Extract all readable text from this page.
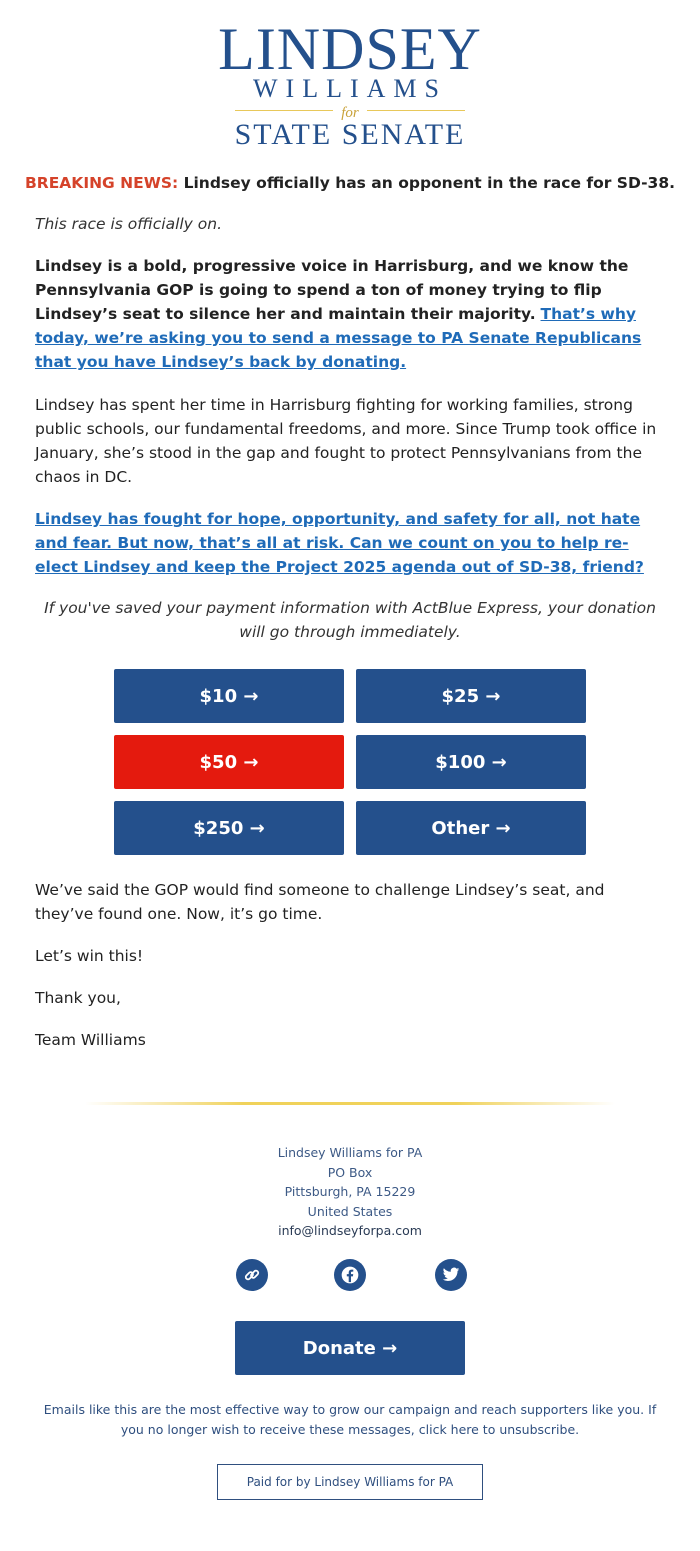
LINDSEY
WILLIAMS
for
STATE SENATE
BREAKING NEWS: Lindsey officially has an opponent in the race for SD-38.
This race is officially on.
Lindsey is a bold, progressive voice in Harrisburg, and we know the Pennsylvania GOP is going to spend a ton of money trying to flip Lindsey’s seat to silence her and maintain their majority. That’s why today, we’re asking you to send a message to PA Senate Republicans that you have Lindsey’s back by donating.
Lindsey has spent her time in Harrisburg fighting for working families, strong public schools, our fundamental freedoms, and more. Since Trump took office in January, she’s stood in the gap and fought to protect Pennsylvanians from the chaos in DC.
Lindsey has fought for hope, opportunity, and safety for all, not hate and fear. But now, that’s all at risk. Can we count on you to help re-elect Lindsey and keep the Project 2025 agenda out of SD-38, friend?
If you've saved your payment information with ActBlue Express, your donation will go through immediately.
$10 →	$25 →
$50 →	$100 →
$250 →	Other →
We’ve said the GOP would find someone to challenge Lindsey’s seat, and they’ve found one. Now, it’s go time.
Let’s win this!
Thank you,
Team Williams
Lindsey Williams for PA
PO Box
Pittsburgh, PA 15229
United States
info@lindseyforpa.com
Donate →
Emails like this are the most effective way to grow our campaign and reach supporters like you. If you no longer wish to receive these messages, click here to unsubscribe.
Paid for by Lindsey Williams for PA
